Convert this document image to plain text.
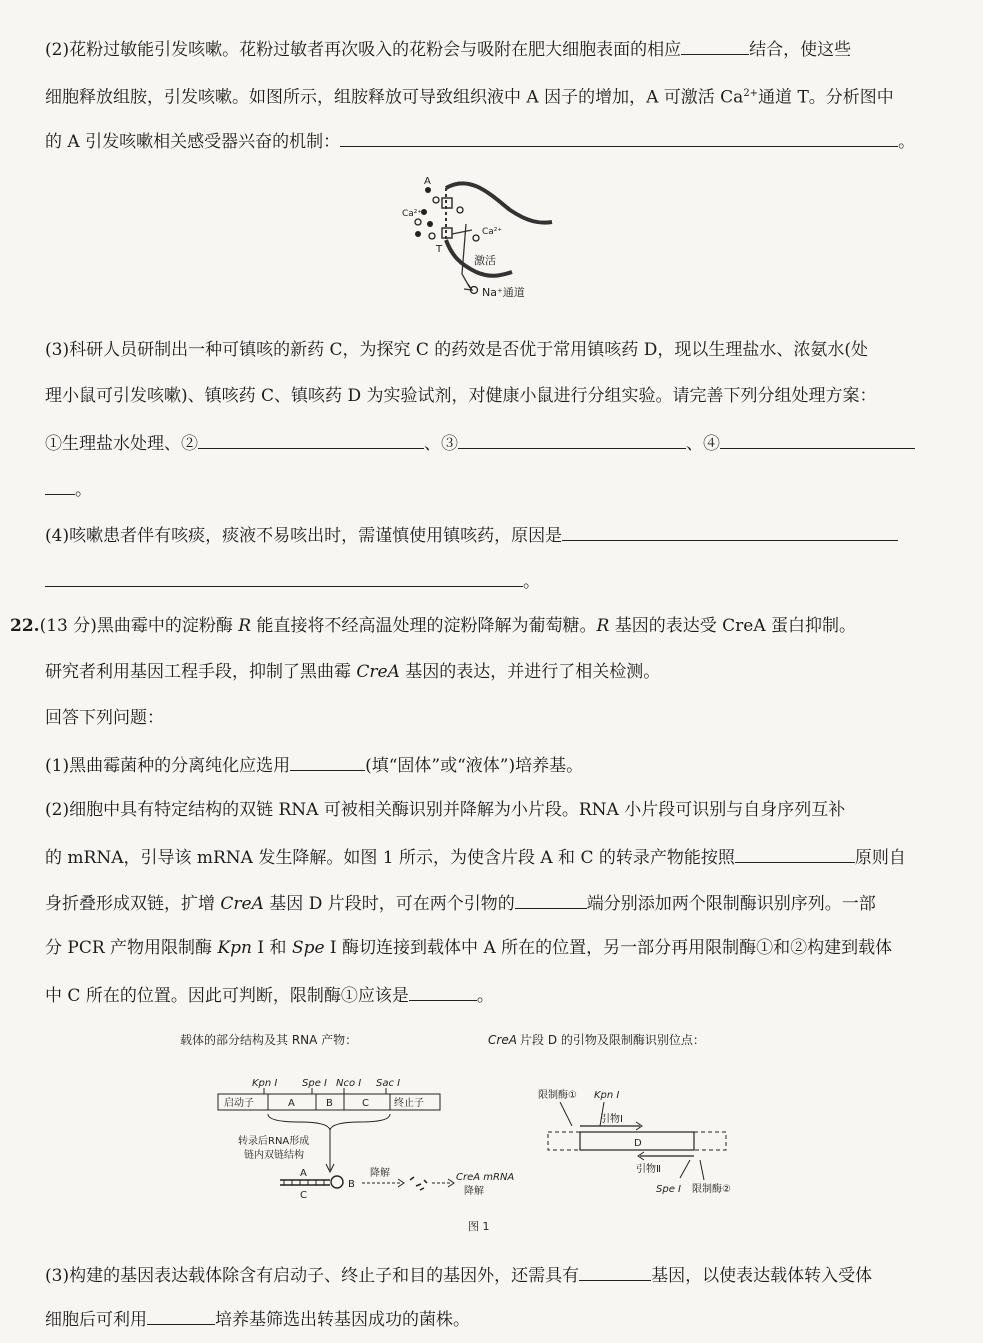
(2)花粉过敏能引发咳嗽。花粉过敏者再次吸入的花粉会与吸附在肥大细胞表面的相应	结合，使这些
细胞释放组胺，引发咳嗽。如图所示，组胺释放可导致组织液中 A 因子的增加，A 可激活 $Ca^{2+}$通道 T。分析图中
的 A 引发咳嗽相关感受器兴奋的机制：	。
A
Ca²⁺
Ca²⁺
T
激活
Na⁺通道
(3)科研人员研制出一种可镇咳的新药 C，为探究 C 的药效是否优于常用镇咳药 D，现以生理盐水、浓氨水(处
理小鼠可引发咳嗽)、镇咳药 C、镇咳药 D 为实验试剂，对健康小鼠进行分组实验。请完善下列分组处理方案：
①生理盐水处理、②	、③	、④
。
(4)咳嗽患者伴有咳痰，痰液不易咳出时，需谨慎使用镇咳药，原因是
。
22.(13 分)黑曲霉中的淀粉酶 R 能直接将不经高温处理的淀粉降解为葡萄糖。R 基因的表达受 CreA 蛋白抑制。
研究者利用基因工程手段，抑制了黑曲霉 CreA 基因的表达，并进行了相关检测。
回答下列问题：
(1)黑曲霉菌种的分离纯化应选用	(填“固体”或“液体”)培养基。
(2)细胞中具有特定结构的双链 RNA 可被相关酶识别并降解为小片段。RNA 小片段可识别与自身序列互补
的 mRNA，引导该 mRNA 发生降解。如图 1 所示，为使含片段 A 和 C 的转录产物能按照	原则自
身折叠形成双链，扩增 CreA 基因 D 片段时，可在两个引物的	端分别添加两个限制酶识别序列。一部
分 PCR 产物用限制酶 Kpn Ⅰ 和 Spe Ⅰ 酶切连接到载体中 A 所在的位置，另一部分再用限制酶①和②构建到载体
中 C 所在的位置。因此可判断，限制酶①应该是	。
载体的部分结构及其 RNA 产物：	CreA 片段 D 的引物及限制酶识别位点：
Kpn Ⅰ Spe Ⅰ Nco Ⅰ Sac Ⅰ
启动子	A	B	C	终止子
转录后RNA形成
链内双链结构
A
C
B
降解	CreA mRNA
降解
限制酶① Kpn Ⅰ
引物Ⅰ
D
引物Ⅱ
Spe Ⅰ 限制酶②
图 1
(3)构建的基因表达载体除含有启动子、终止子和目的基因外，还需具有	基因，以使表达载体转入受体
细胞后可利用	培养基筛选出转基因成功的菌株。
